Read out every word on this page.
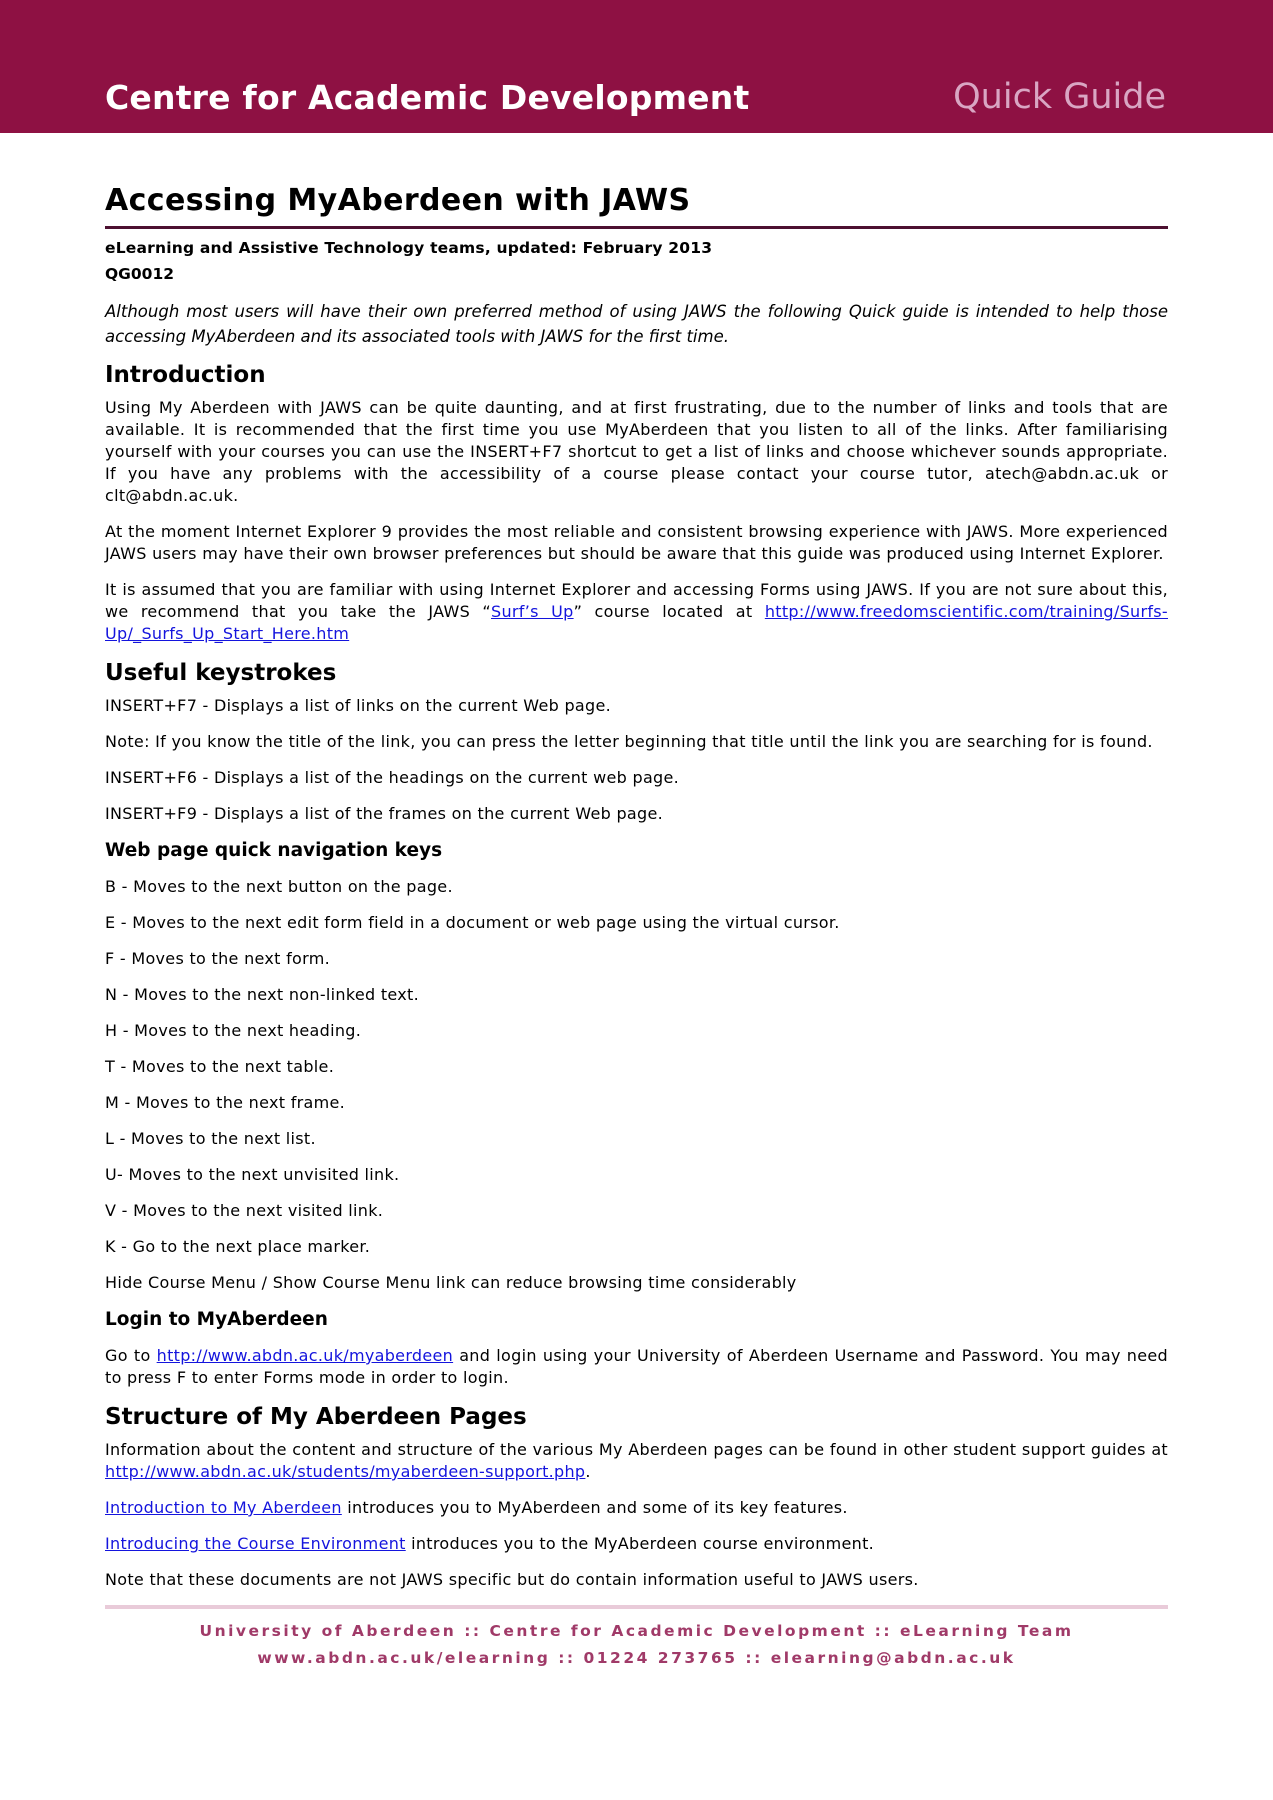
Centre for Academic Development	Quick Guide
Accessing MyAberdeen with JAWS

eLearning and Assistive Technology teams, updated: February 2013

QG0012

Although most users will have their own preferred method of using JAWS the following Quick guide is intended to help those accessing MyAberdeen and its associated tools with JAWS for the first time.

Introduction

Using My Aberdeen with JAWS can be quite daunting, and at first frustrating, due to the number of links and tools that are available. It is recommended that the first time you use MyAberdeen that you listen to all of the links. After familiarising yourself with your courses you can use the INSERT+F7 shortcut to get a list of links and choose whichever sounds appropriate. If you have any problems with the accessibility of a course please contact your course tutor, atech@abdn.ac.uk or clt@abdn.ac.uk.

At the moment Internet Explorer 9 provides the most reliable and consistent browsing experience with JAWS. More experienced JAWS users may have their own browser preferences but should be aware that this guide was produced using Internet Explorer.

It is assumed that you are familiar with using Internet Explorer and accessing Forms using JAWS. If you are not sure about this, we recommend that you take the JAWS “Surf’s Up” course located at http://www.freedomscientific.com/training/Surfs-Up/_Surfs_Up_Start_Here.htm

Useful keystrokes

INSERT+F7 - Displays a list of links on the current Web page.

Note: If you know the title of the link, you can press the letter beginning that title until the link you are searching for is found.

INSERT+F6 - Displays a list of the headings on the current web page.

INSERT+F9 - Displays a list of the frames on the current Web page.

Web page quick navigation keys

B - Moves to the next button on the page.

E - Moves to the next edit form field in a document or web page using the virtual cursor.

F - Moves to the next form.

N - Moves to the next non-linked text.

H - Moves to the next heading.

T - Moves to the next table.

M - Moves to the next frame.

L - Moves to the next list.

U- Moves to the next unvisited link.

V - Moves to the next visited link.

K - Go to the next place marker.

Hide Course Menu / Show Course Menu link can reduce browsing time considerably

Login to MyAberdeen

Go to http://www.abdn.ac.uk/myaberdeen and login using your University of Aberdeen Username and Password. You may need to press F to enter Forms mode in order to login.

Structure of My Aberdeen Pages

Information about the content and structure of the various My Aberdeen pages can be found in other student support guides at http://www.abdn.ac.uk/students/myaberdeen-support.php.

Introduction to My Aberdeen introduces you to MyAberdeen and some of its key features.

Introducing the Course Environment introduces you to the MyAberdeen course environment.

Note that these documents are not JAWS specific but do contain information useful to JAWS users.

University of Aberdeen :: Centre for Academic Development :: eLearning Team
www.abdn.ac.uk/elearning :: 01224 273765 :: elearning@abdn.ac.uk
